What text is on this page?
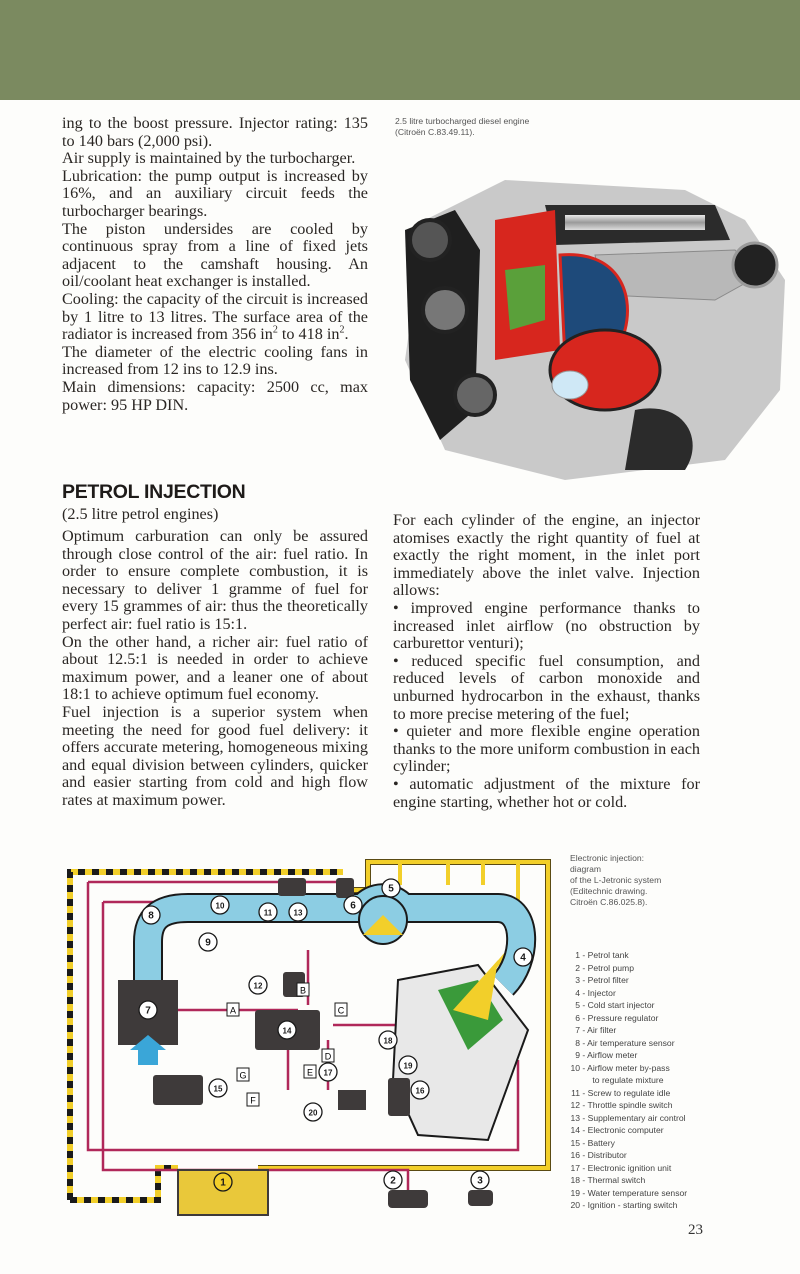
ing to the boost pressure. Injector rating: 135 to 140 bars (2,000 psi).

Air supply is maintained by the turbocharger.

Lubrication: the pump output is increased by 16%, and an auxiliary circuit feeds the turbocharger bearings.

The piston undersides are cooled by continuous spray from a line of fixed jets adjacent to the camshaft housing. An oil/coolant heat exchanger is installed.

Cooling: the capacity of the circuit is increased by 1 litre to 13 litres. The surface area of the radiator is increased from 356 $in^2$ to 418 $in^2$.

The diameter of the electric cooling fans in increased from 12 ins to 12.9 ins.

Main dimensions: capacity: 2500 cc, max power: 95 HP DIN.

2.5 litre turbocharged diesel engine
(Citroën C.83.49.11).
PETROL INJECTION
(2.5 litre petrol engines)

Optimum carburation can only be assured through close control of the air: fuel ratio. In order to ensure complete combustion, it is necessary to deliver 1 gramme of fuel for every 15 grammes of air: thus the theoretically perfect air: fuel ratio is 15:1.

On the other hand, a richer air: fuel ratio of about 12.5:1 is needed in order to achieve maximum power, and a leaner one of about 18:1 to achieve optimum fuel economy.

Fuel injection is a superior system when meeting the need for good fuel delivery: it offers accurate metering, homogeneous mixing and equal division between cylinders, quicker and easier starting from cold and high flow rates at maximum power.

For each cylinder of the engine, an injector atomises exactly the right quantity of fuel at exactly the right moment, in the inlet port immediately above the inlet valve. Injection allows:

• improved engine performance thanks to increased inlet airflow (no obstruction by carburettor venturi);

• reduced specific fuel consumption, and reduced levels of carbon monoxide and unburned hydrocarbon in the exhaust, thanks to more precise metering of the fuel;

• quieter and more flexible engine operation thanks to the more uniform combustion in each cylinder;

• automatic adjustment of the mixture for engine starting, whether hot or cold.

1	2	3
4
5
6
7
8
9
10
11
12
13
14
15	16
17
18
19
20
A
B
C
D
E
F
G
Electronic injection:
diagram
of the L-Jetronic system
(Editechnic drawing.
Citroën C.86.025.8).
1 - Petrol tank
2 - Petrol pump
3 - Petrol filter
4 - Injector
5 - Cold start injector
6 - Pressure regulator
7 - Air filter
8 - Air temperature sensor
9 - Airflow meter
10 - Airflow meter by-pass
to regulate mixture
11 - Screw to regulate idle
12 - Throttle spindle switch
13 - Supplementary air control
14 - Electronic computer
15 - Battery
16 - Distributor
17 - Electronic ignition unit
18 - Thermal switch
19 - Water temperature sensor
20 - Ignition - starting switch
23
